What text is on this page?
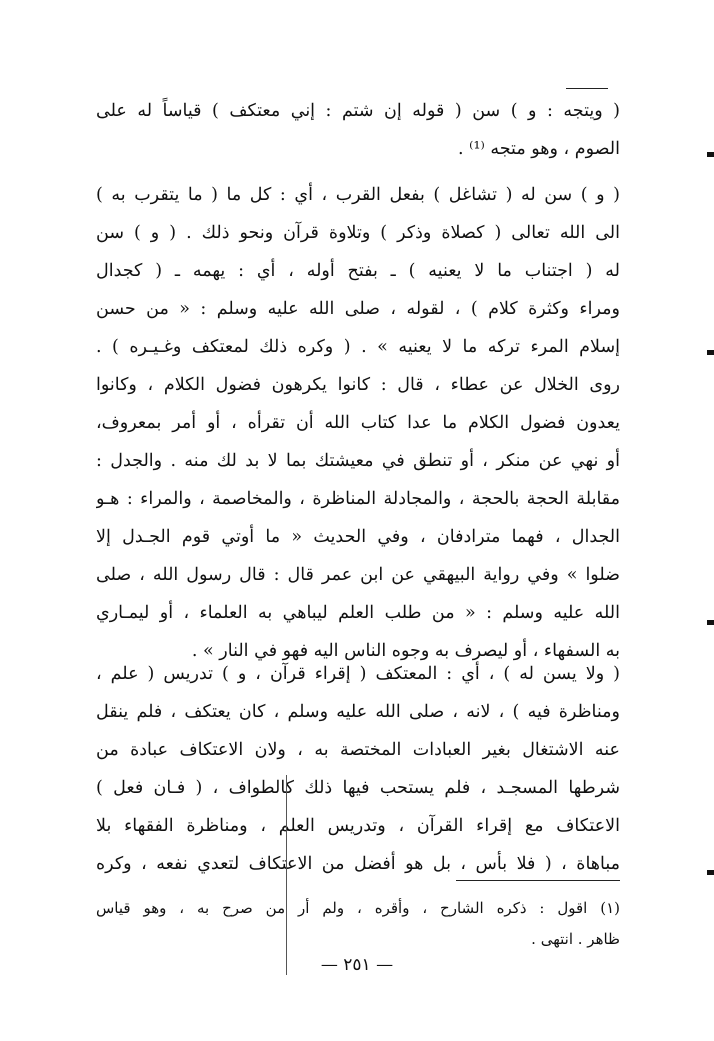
( ويتجه : و ) سن ( قوله إن شتم : إني معتكف ) قياساً له على
الصوم ، وهو متجه ⁽¹⁾ .
( و ) سن له ( تشاغل ) بفعل القرب ، أي : كل ما ( ما يتقرب به )
الى الله تعالى ( كصلاة وذكر ) وتلاوة قرآن ونحو ذلك . ( و ) سن
له ( اجتناب ما لا يعنيه ) ـ بفتح أوله ، أي : يهمه ـ ( كجدال
ومراء وكثرة كلام ) ، لقوله ، صلى الله عليه وسلم : « من حسن
إسلام المرء تركه ما لا يعنيه » . ( وكره ذلك لمعتكف وغـيـره ) .
روى الخلال عن عطاء ، قال : كانوا يكرهون فضول الكلام ، وكانوا
يعدون فضول الكلام ما عدا كتاب الله أن تقرأه ، أو أمر بمعروف،
أو نهي عن منكر ، أو تنطق في معيشتك بما لا بد لك منه . والجدل :
مقابلة الحجة بالحجة ، والمجادلة المناظرة ، والمخاصمة ، والمراء : هـو
الجدال ، فهما مترادفان ، وفي الحديث « ما أوتي قوم الجـدل إلا
ضلوا » وفي رواية البيهقي عن ابن عمر قال : قال رسول الله ، صلى
الله عليه وسلم : « من طلب العلم ليباهي به العلماء ، أو ليمـاري
به السفهاء ، أو ليصرف به وجوه الناس اليه فهو في النار » .
( ولا يسن له ) ، أي : المعتكف ( إقراء قرآن ، و ) تدريس ( علم ،
ومناظرة فيه ) ، لانه ، صلى الله عليه وسلم ، كان يعتكف ، فلم ينقل
عنه الاشتغال بغير العبادات المختصة به ، ولان الاعتكاف عبادة من
شرطها المسجـد ، فلم يستحب فيها ذلك كالطواف ، ( فـان فعل )
الاعتكاف مع إقراء القرآن ، وتدريس العلم ، ومناظرة الفقهاء بلا
مباهاة ، ( فلا بأس ، بل هو أفضل من الاعتكاف لتعدي نفعه ، وكره
(١) اقول : ذكره الشارح ، وأقره ، ولم أر من صرح به ، وهو قياس
ظاهر . انتهى .
— ٢٥١ —
